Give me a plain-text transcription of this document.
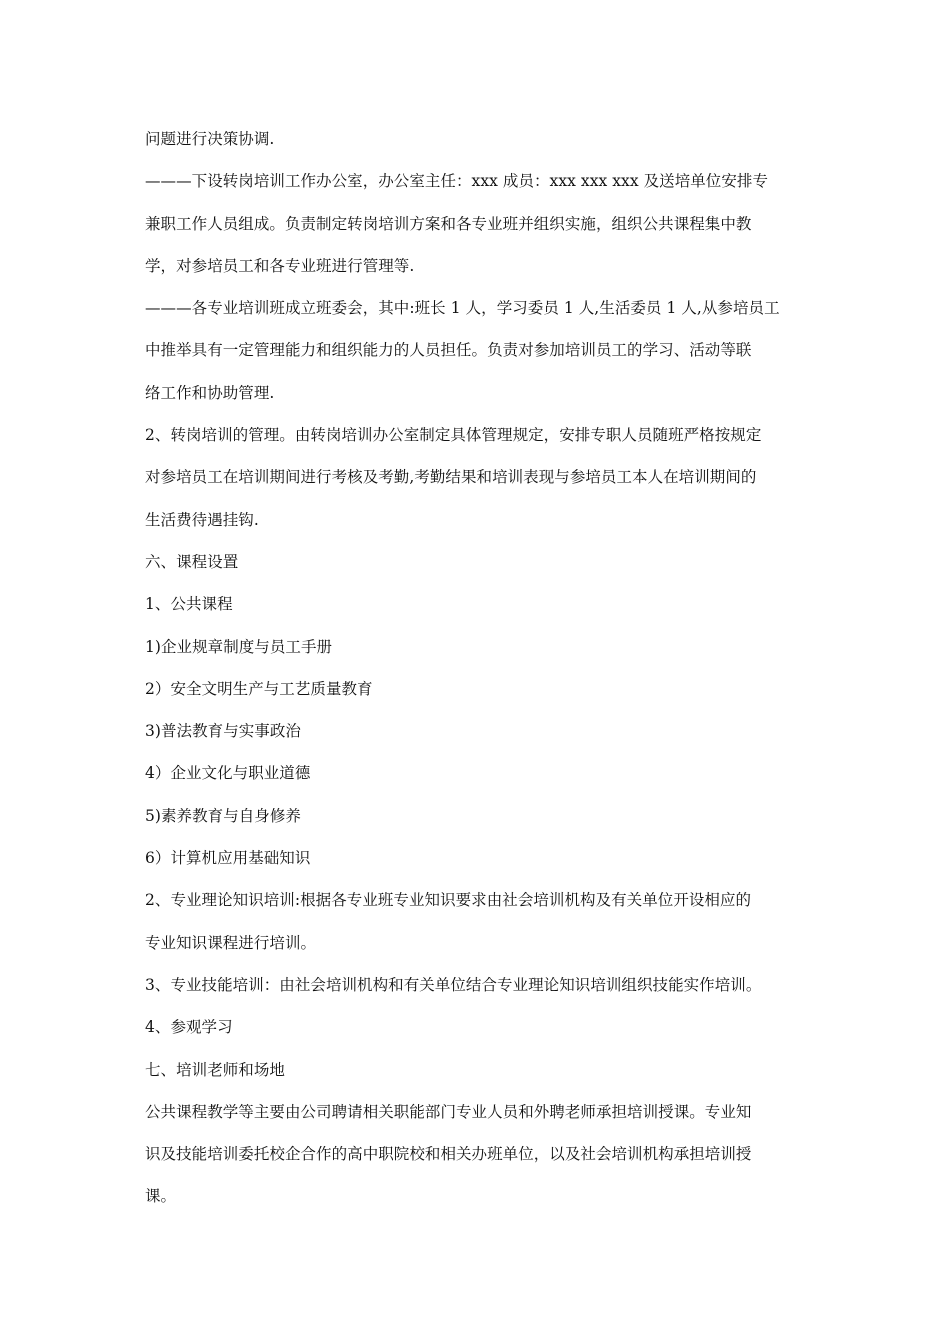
问题进行决策协调.
———下设转岗培训工作办公室，办公室主任：xxx 成员：xxx xxx xxx 及送培单位安排专
兼职工作人员组成。负责制定转岗培训方案和各专业班并组织实施，组织公共课程集中教
学，对参培员工和各专业班进行管理等.
———各专业培训班成立班委会，其中:班长 1 人，学习委员 1 人,生活委员 1 人,从参培员工
中推举具有一定管理能力和组织能力的人员担任。负责对参加培训员工的学习、活动等联
络工作和协助管理.
2、转岗培训的管理。由转岗培训办公室制定具体管理规定，安排专职人员随班严格按规定
对参培员工在培训期间进行考核及考勤,考勤结果和培训表现与参培员工本人在培训期间的
生活费待遇挂钩.
六、课程设置
1、公共课程
1)企业规章制度与员工手册
2）安全文明生产与工艺质量教育
3)普法教育与实事政治
4）企业文化与职业道德
5)素养教育与自身修养
6）计算机应用基础知识
2、专业理论知识培训:根据各专业班专业知识要求由社会培训机构及有关单位开设相应的
专业知识课程进行培训。
3、专业技能培训：由社会培训机构和有关单位结合专业理论知识培训组织技能实作培训。
4、参观学习
七、培训老师和场地
公共课程教学等主要由公司聘请相关职能部门专业人员和外聘老师承担培训授课。专业知
识及技能培训委托校企合作的高中职院校和相关办班单位，以及社会培训机构承担培训授
课。
